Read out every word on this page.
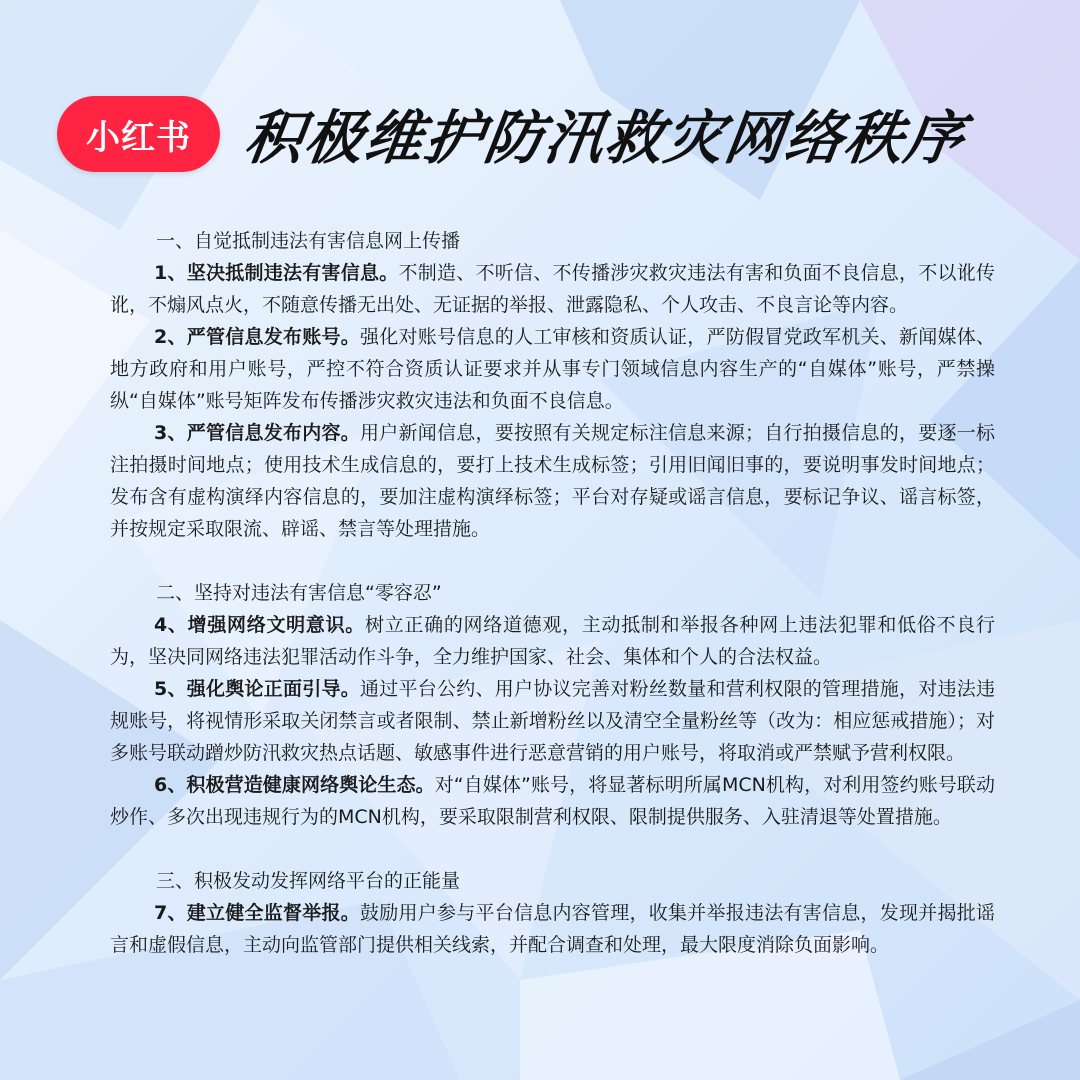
小红书 积极维护防汛救灾网络秩序
一、自觉抵制违法有害信息网上传播
1、坚决抵制违法有害信息。不制造、不听信、不传播涉灾救灾违法有害和负面不良信息，不以讹传讹，不煽风点火，不随意传播无出处、无证据的举报、泄露隐私、个人攻击、不良言论等内容。
2、严管信息发布账号。强化对账号信息的人工审核和资质认证，严防假冒党政军机关、新闻媒体、地方政府和用户账号，严控不符合资质认证要求并从事专门领域信息内容生产的“自媒体”账号，严禁操纵“自媒体”账号矩阵发布传播涉灾救灾违法和负面不良信息。
3、严管信息发布内容。用户新闻信息，要按照有关规定标注信息来源；自行拍摄信息的，要逐一标注拍摄时间地点；使用技术生成信息的，要打上技术生成标签；引用旧闻旧事的，要说明事发时间地点；发布含有虚构演绎内容信息的，要加注虚构演绎标签；平台对存疑或谣言信息，要标记争议、谣言标签，并按规定采取限流、辟谣、禁言等处理措施。
二、坚持对违法有害信息“零容忍”
4、增强网络文明意识。树立正确的网络道德观，主动抵制和举报各种网上违法犯罪和低俗不良行为，坚决同网络违法犯罪活动作斗争，全力维护国家、社会、集体和个人的合法权益。
5、强化舆论正面引导。通过平台公约、用户协议完善对粉丝数量和营利权限的管理措施，对违法违规账号，将视情形采取关闭禁言或者限制、禁止新增粉丝以及清空全量粉丝等（改为：相应惩戒措施）；对多账号联动蹭炒防汛救灾热点话题、敏感事件进行恶意营销的用户账号，将取消或严禁赋予营利权限。
6、积极营造健康网络舆论生态。对“自媒体”账号，将显著标明所属MCN机构，对利用签约账号联动炒作、多次出现违规行为的MCN机构，要采取限制营利权限、限制提供服务、入驻清退等处置措施。
三、积极发动发挥网络平台的正能量
7、建立健全监督举报。鼓励用户参与平台信息内容管理，收集并举报违法有害信息，发现并揭批谣言和虚假信息，主动向监管部门提供相关线索，并配合调查和处理，最大限度消除负面影响。
